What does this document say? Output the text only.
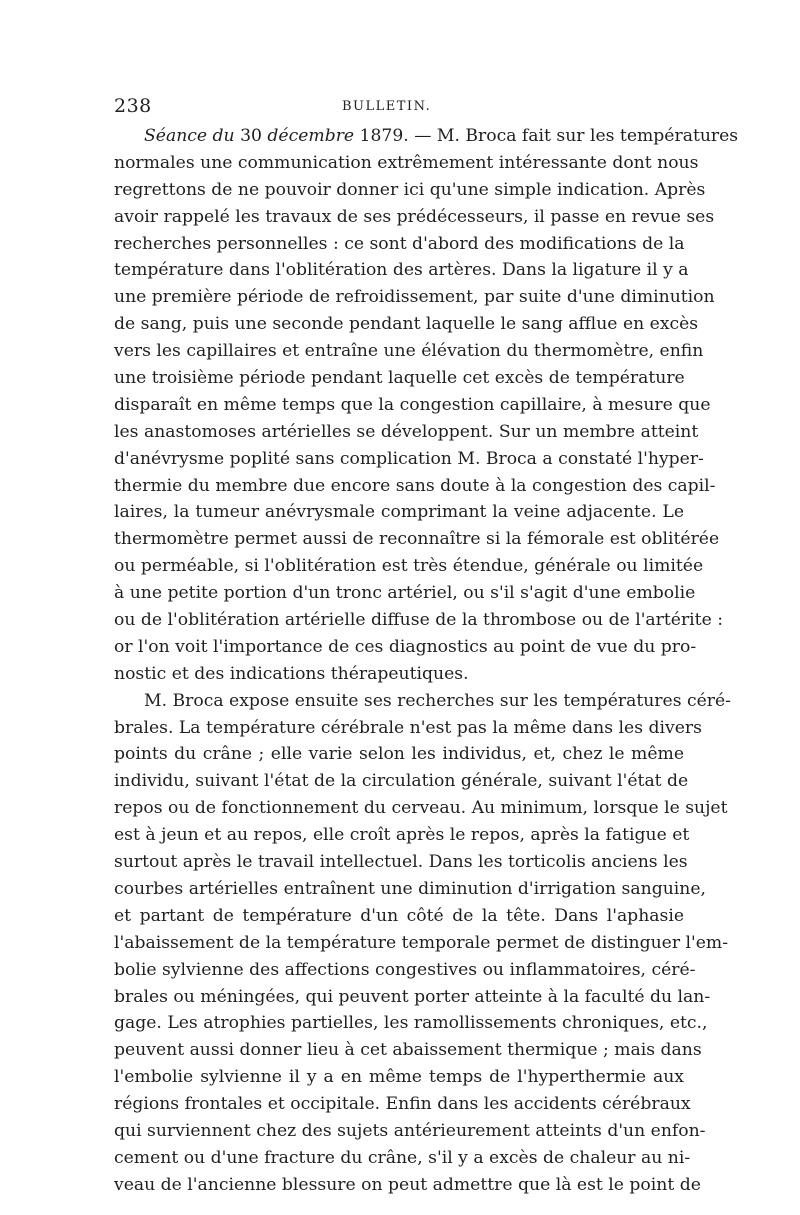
238	BULLETIN.
Séance du 30 décembre 1879. — M. Broca fait sur les températures
normales une communication extrêmement intéressante dont nous
regrettons de ne pouvoir donner ici qu'une simple indication. Après
avoir rappelé les travaux de ses prédécesseurs, il passe en revue ses
recherches personnelles : ce sont d'abord des modifications de la
température dans l'oblitération des artères. Dans la ligature il y a
une première période de refroidissement, par suite d'une diminution
de sang, puis une seconde pendant laquelle le sang afflue en excès
vers les capillaires et entraîne une élévation du thermomètre, enfin
une troisième période pendant laquelle cet excès de température
disparaît en même temps que la congestion capillaire, à mesure que
les anastomoses artérielles se développent. Sur un membre atteint
d'anévrysme poplité sans complication M. Broca a constaté l'hyper-
thermie du membre due encore sans doute à la congestion des capil-
laires, la tumeur anévrysmale comprimant la veine adjacente. Le
thermomètre permet aussi de reconnaître si la fémorale est oblitérée
ou perméable, si l'oblitération est très étendue, générale ou limitée
à une petite portion d'un tronc artériel, ou s'il s'agit d'une embolie
ou de l'oblitération artérielle diffuse de la thrombose ou de l'artérite :
or l'on voit l'importance de ces diagnostics au point de vue du pro-
nostic et des indications thérapeutiques.
M. Broca expose ensuite ses recherches sur les températures céré-
brales. La température cérébrale n'est pas la même dans les divers
points du crâne ; elle varie selon les individus, et, chez le même
individu, suivant l'état de la circulation générale, suivant l'état de
repos ou de fonctionnement du cerveau. Au minimum, lorsque le sujet
est à jeun et au repos, elle croît après le repos, après la fatigue et
surtout après le travail intellectuel. Dans les torticolis anciens les
courbes artérielles entraînent une diminution d'irrigation sanguine,
et partant de température d'un côté de la tête. Dans l'aphasie
l'abaissement de la température temporale permet de distinguer l'em-
bolie sylvienne des affections congestives ou inflammatoires, céré-
brales ou méningées, qui peuvent porter atteinte à la faculté du lan-
gage. Les atrophies partielles, les ramollissements chroniques, etc.,
peuvent aussi donner lieu à cet abaissement thermique ; mais dans
l'embolie sylvienne il y a en même temps de l'hyperthermie aux
régions frontales et occipitale. Enfin dans les accidents cérébraux
qui surviennent chez des sujets antérieurement atteints d'un enfon-
cement ou d'une fracture du crâne, s'il y a excès de chaleur au ni-
veau de l'ancienne blessure on peut admettre que là est le point de
